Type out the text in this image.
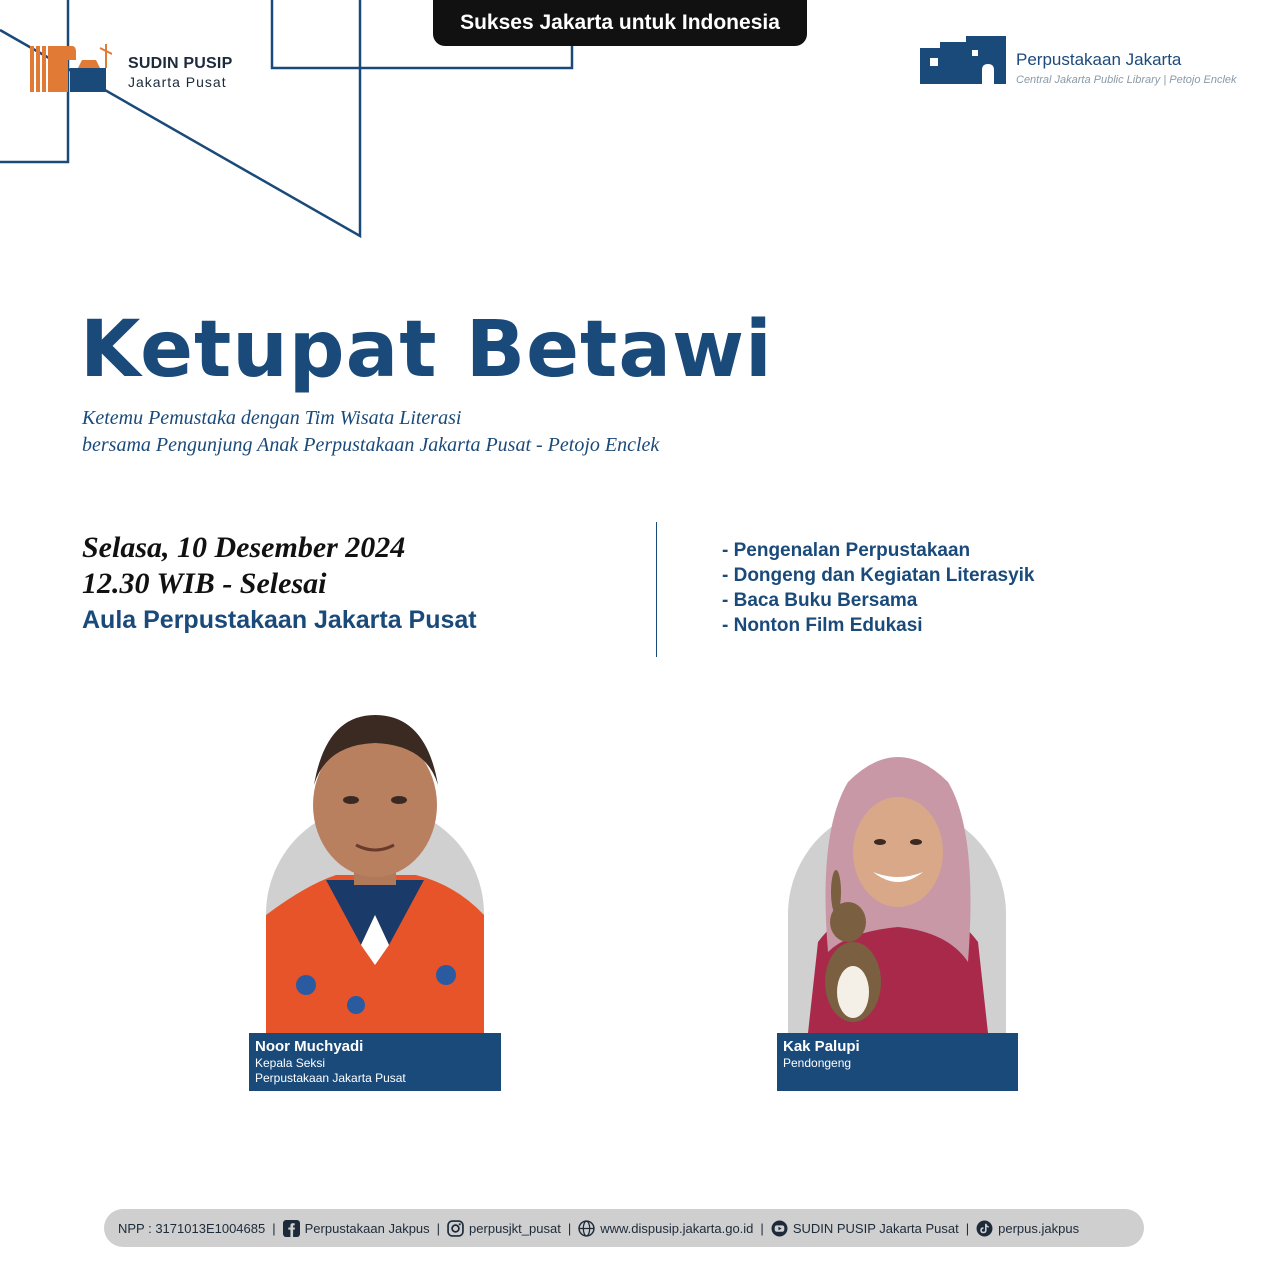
Sukses Jakarta untuk Indonesia
SUDIN PUSIP
Jakarta Pusat
Perpustakaan Jakarta
Central Jakarta Public Library | Petojo Enclek
Ketupat Betawi
Ketemu Pemustaka dengan Tim Wisata Literasi
bersama Pengunjung Anak Perpustakaan Jakarta Pusat - Petojo Enclek
Selasa, 10 Desember 2024
12.30 WIB - Selesai
Aula Perpustakaan Jakarta Pusat
- Pengenalan Perpustakaan
- Dongeng dan Kegiatan Literasyik
- Baca Buku Bersama
- Nonton Film Edukasi
Noor Muchyadi
Kepala Seksi
Perpustakaan Jakarta Pusat
Kak Palupi
Pendongeng
NPP : 3171013E1004685 | Perpustakaan Jakpus | perpusjkt_pusat | www.dispusip.jakarta.go.id | SUDIN PUSIP Jakarta Pusat | perpus.jakpus
